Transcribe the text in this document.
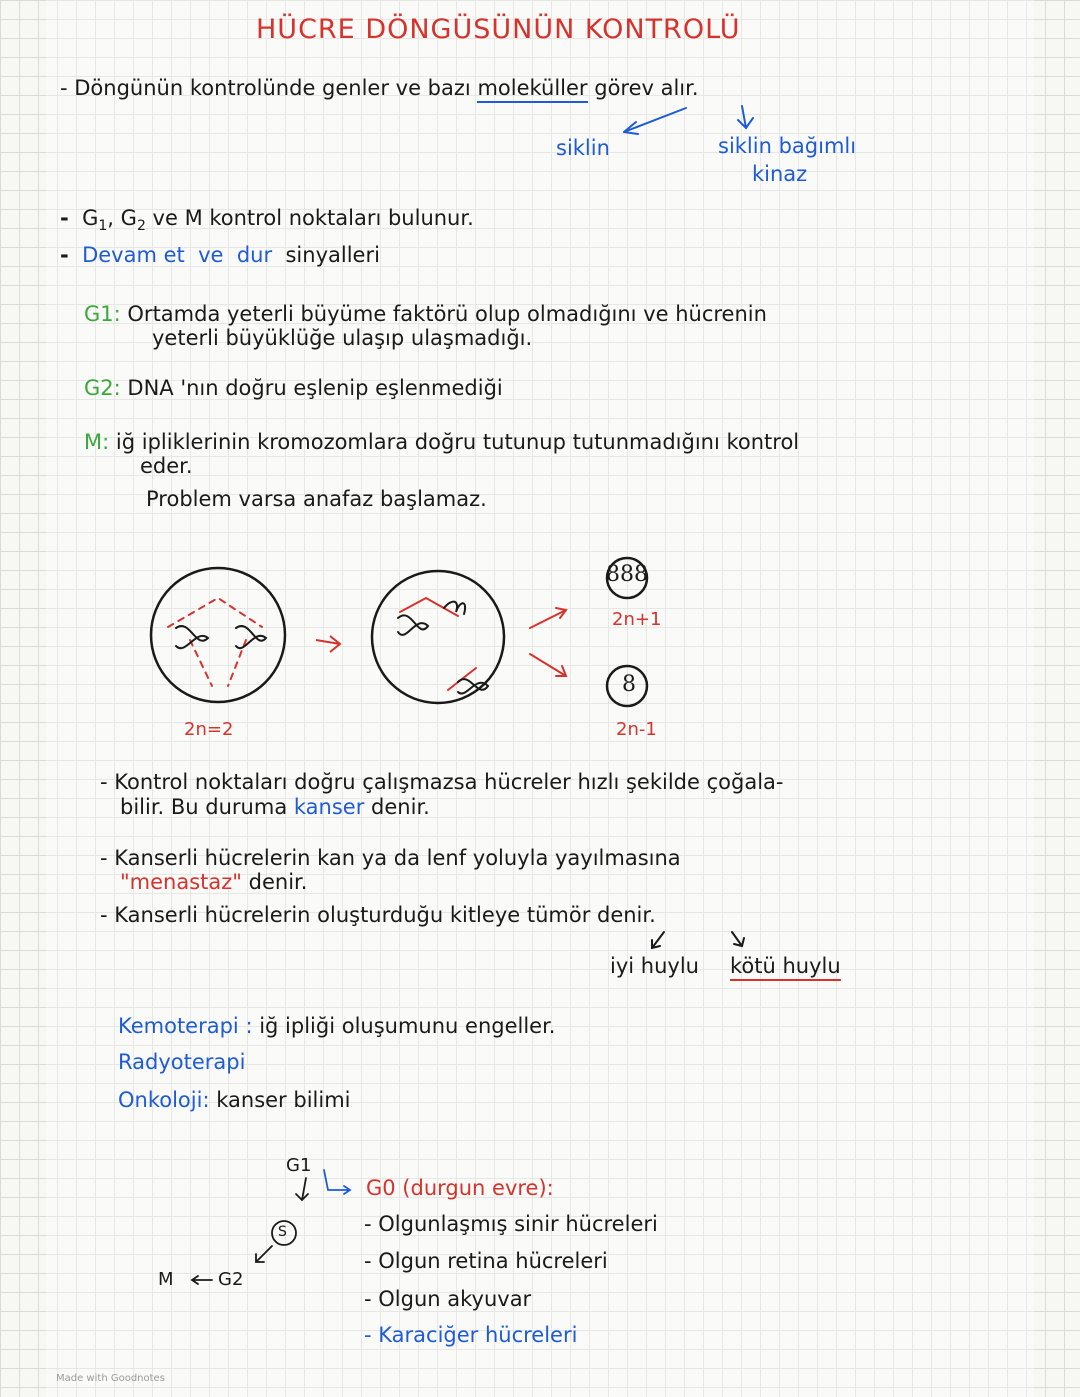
HÜCRE DÖNGÜSÜNÜN KONTROLÜ
- Döngünün kontrolünde genler ve bazı moleküller görev alır.
siklin	siklin bağımlı
kinaz
- $G_1$, $G_2$ ve M kontrol noktaları bulunur.
- Devam et ve dur sinyalleri
G1: Ortamda yeterli büyüme faktörü olup olmadığını ve hücrenin
yeterli büyüklüğe ulaşıp ulaşmadığı.
G2: DNA 'nın doğru eşlenip eşlenmediği
M: iğ ipliklerinin kromozomlara doğru tutunup tutunmadığını kontrol
eder.
Problem varsa anafaz başlamaz.
2n=2
2n+1
2n-1
888
8
- Kontrol noktaları doğru çalışmazsa hücreler hızlı şekilde çoğala-
bilir. Bu duruma kanser denir.
- Kanserli hücrelerin kan ya da lenf yoluyla yayılmasına
"menastaz" denir.
- Kanserli hücrelerin oluşturduğu kitleye tümör denir.
iyi huylu kötü huylu
Kemoterapi : iğ ipliği oluşumunu engeller.
Radyoterapi
Onkoloji: kanser bilimi
G1
S
G2
M
G0 (durgun evre):
- Olgunlaşmış sinir hücreleri
- Olgun retina hücreleri
- Olgun akyuvar
- Karaciğer hücreleri
Made with Goodnotes
